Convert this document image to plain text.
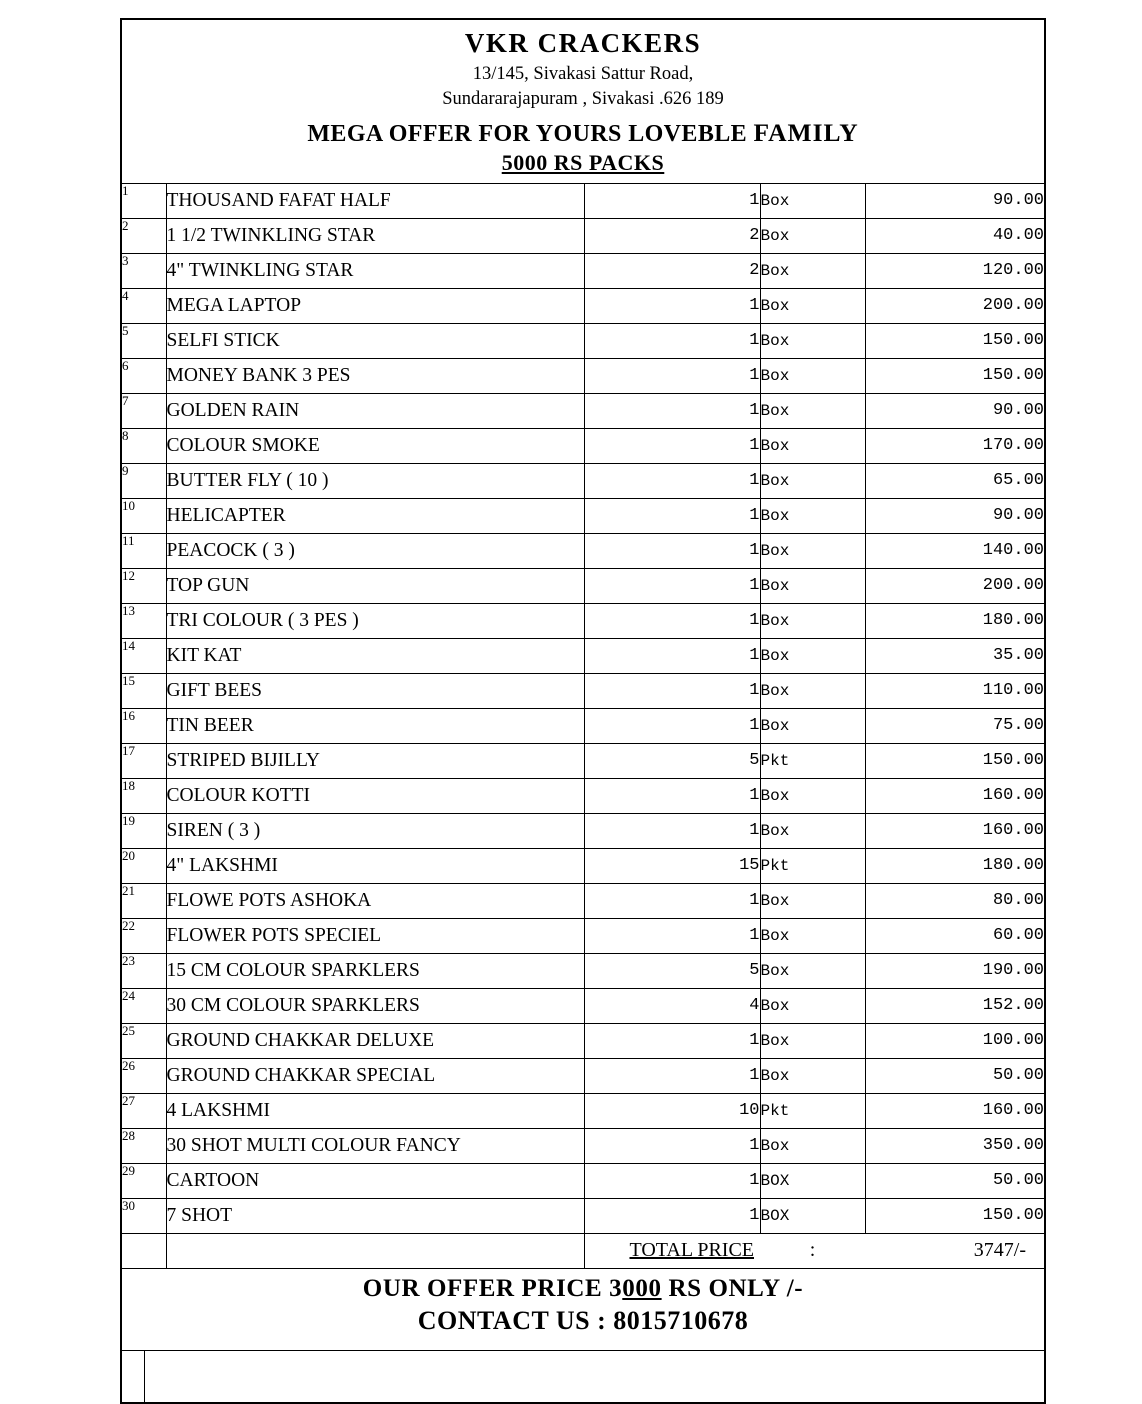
VKR CRACKERS
13/145, Sivakasi Sattur Road,
Sundararajapuram , Sivakasi .626 189
MEGA OFFER FOR YOURS LOVEBLE FAMILY
5000 RS PACKS
1	THOUSAND FAFAT HALF	1	Box	90.00
2	1 1/2 TWINKLING STAR	2	Box	40.00
3	4" TWINKLING STAR	2	Box	120.00
4	MEGA LAPTOP	1	Box	200.00
5	SELFI STICK	1	Box	150.00
6	MONEY BANK 3 PES	1	Box	150.00
7	GOLDEN RAIN	1	Box	90.00
8	COLOUR SMOKE	1	Box	170.00
9	BUTTER FLY ( 10 )	1	Box	65.00
10	HELICAPTER	1	Box	90.00
11	PEACOCK ( 3 )	1	Box	140.00
12	TOP GUN	1	Box	200.00
13	TRI COLOUR ( 3 PES )	1	Box	180.00
14	KIT KAT	1	Box	35.00
15	GIFT BEES	1	Box	110.00
16	TIN BEER	1	Box	75.00
17	STRIPED BIJILLY	5	Pkt	150.00
18	COLOUR KOTTI	1	Box	160.00
19	SIREN ( 3 )	1	Box	160.00
20	4" LAKSHMI	15	Pkt	180.00
21	FLOWE POTS ASHOKA	1	Box	80.00
22	FLOWER POTS SPECIEL	1	Box	60.00
23	15 CM COLOUR SPARKLERS	5	Box	190.00
24	30 CM COLOUR SPARKLERS	4	Box	152.00
25	GROUND CHAKKAR DELUXE	1	Box	100.00
26	GROUND CHAKKAR SPECIAL	1	Box	50.00
27	4 LAKSHMI	10	Pkt	160.00
28	30 SHOT MULTI COLOUR FANCY	1	Box	350.00
29	CARTOON	1	BOX	50.00
30	7 SHOT	1	BOX	150.00
		TOTAL PRICE	:	3747/-
OUR OFFER PRICE 3000 RS ONLY /-
CONTACT US : 8015710678
